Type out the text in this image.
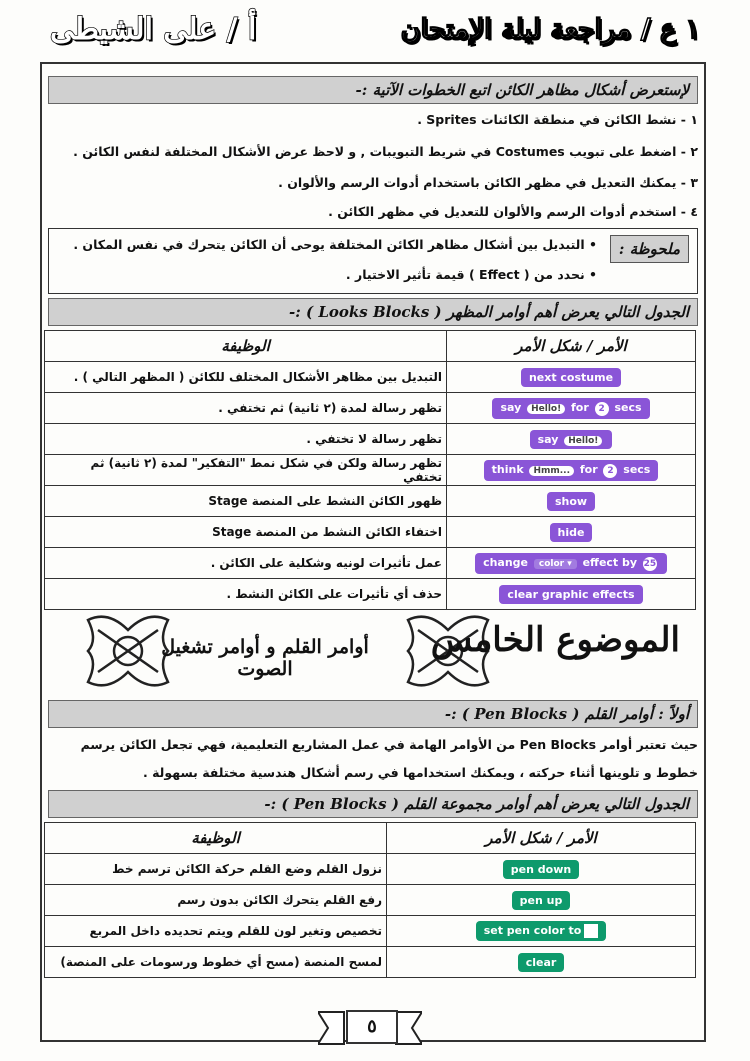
أ / على الشيطى	١ ع / مراجعة ليلة الإمتحان
لإستعرض أشكال مظاهر الكائن اتبع الخطوات الآتية :-
١ - نشط الكائن في منطقة الكائنات Sprites .
٢ - اضغط على تبويب Costumes في شريط التبويبات , و لاحظ عرض الأشكال المختلفة لنفس الكائن .
٣ - يمكنك التعديل في مظهر الكائن باستخدام أدوات الرسم والألوان .
٤ - استخدم أدوات الرسم والألوان للتعديل في مظهر الكائن .
ملحوظة :
• التبديل بين أشكال مظاهر الكائن المختلفة يوحى أن الكائن يتحرك في نفس المكان .
• نحدد من ( Effect ) قيمة تأثير الاختيار .
الجدول التالي يعرض أهم أوامر المظهر ( Looks Blocks ) :-
الأمر / شكل الأمر	الوظيفة
next costume	التبديل بين مظاهر الأشكال المختلف للكائن ( المظهر التالي ) .
say Hello! for 2 secs	تظهر رسالة لمدة (٢ ثانية) ثم تختفي .
say Hello!	تظهر رسالة لا تختفي .
think Hmm... for 2 secs	تظهر رسالة ولكن في شكل نمط "التفكير" لمدة (٢ ثانية) ثم تختفي
show	ظهور الكائن النشط على المنصة Stage
hide	اختفاء الكائن النشط من المنصة Stage
change color ▾ effect by 25	عمل تأثيرات لونيه وشكلية على الكائن .
clear graphic effects	حذف أي تأثيرات على الكائن النشط .
أوامر القلم و أوامر تشغيل الصوت
الموضوع الخامس
أولاً : أوامر القلم ( Pen Blocks ) :-
حيث تعتبر أوامر Pen Blocks من الأوامر الهامة في عمل المشاريع التعليمية، فهي تجعل الكائن يرسم
خطوط و تلوينها أثناء حركته ، ويمكنك استخدامها في رسم أشكال هندسية مختلفة بسهولة .
الجدول التالي يعرض أهم أوامر مجموعة القلم ( Pen Blocks ) :-
الأمر / شكل الأمر	الوظيفة
pen down	نزول القلم وضع القلم حركة الكائن ترسم خط
pen up	رفع القلم يتحرك الكائن بدون رسم
set pen color to	تخصيص وتغير لون للقلم ويتم تحديده داخل المربع
clear	لمسح المنصة (مسح أي خطوط ورسومات على المنصة)
٥
